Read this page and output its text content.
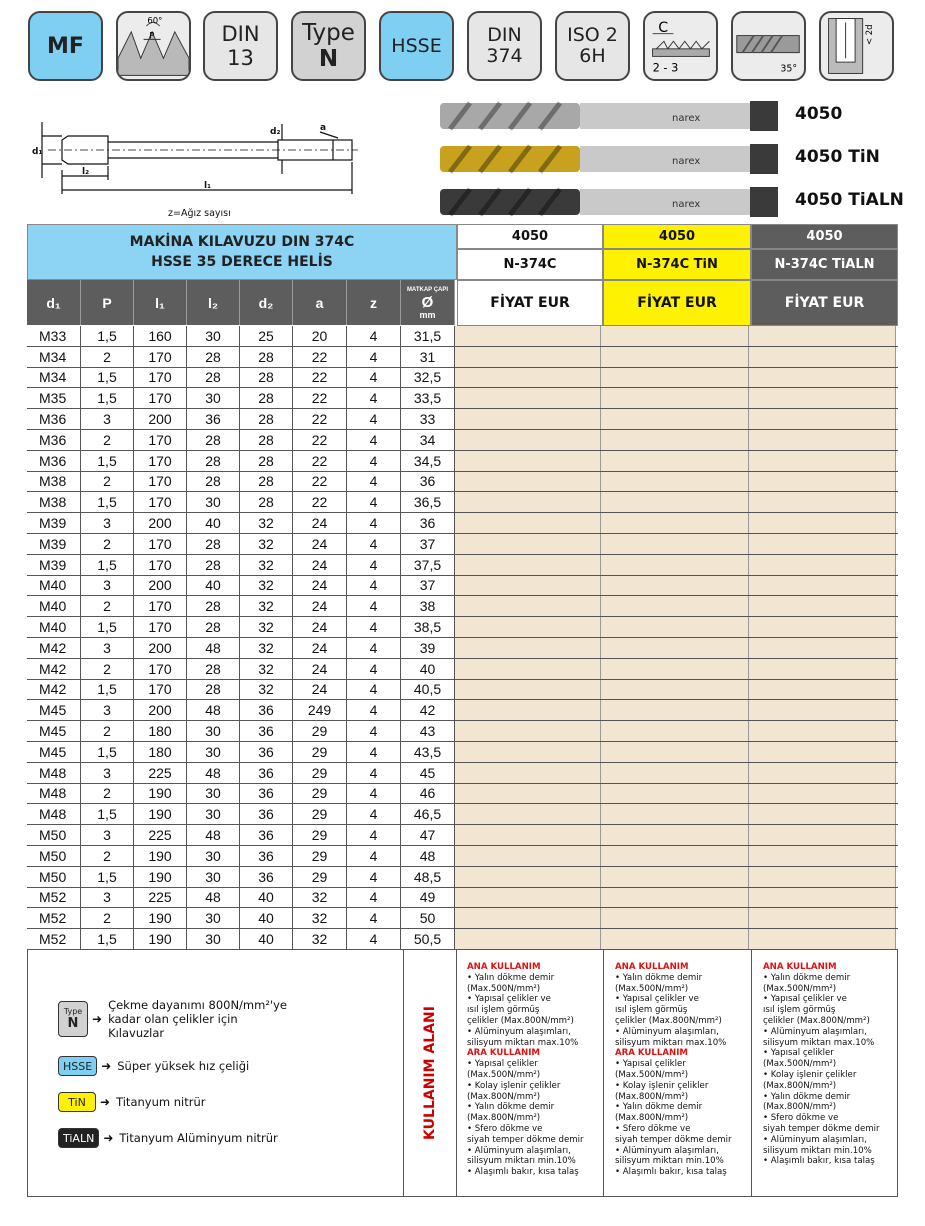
MF
60°
P	DIN 13
Type
N
HSSE DIN
374
ISO 2
6H
C
2 - 3	35°
< 2d
d₁
d₂
l₂
l₁
a
z=Ağız sayısı
narex
narex
narex
4050
4050 TiN
4050 TiALN
MAKİNA KILAVUZU DIN 374C
HSSE 35 DERECE HELİS
4050
N-374C
FİYAT EUR
4050
N-374C TiN
FİYAT EUR
4050
N-374C TiALN
FİYAT EUR
d₁	P	l₁	l₂	d₂	a	z
MATKAP ÇAPI
Ø
mm
M33	1,5	160	30	25	20	4	31,5
M34	2	170	28	28	22	4	31
M34	1,5	170	28	28	22	4	32,5
M35	1,5	170	30	28	22	4	33,5
M36	3	200	36	28	22	4	33
M36	2	170	28	28	22	4	34
M36	1,5	170	28	28	22	4	34,5
M38	2	170	28	28	22	4	36
M38	1,5	170	30	28	22	4	36,5
M39	3	200	40	32	24	4	36
M39	2	170	28	32	24	4	37
M39	1,5	170	28	32	24	4	37,5
M40	3	200	40	32	24	4	37
M40	2	170	28	32	24	4	38
M40	1,5	170	28	32	24	4	38,5
M42	3	200	48	32	24	4	39
M42	2	170	28	32	24	4	40
M42	1,5	170	28	32	24	4	40,5
M45	3	200	48	36	249	4	42
M45	2	180	30	36	29	4	43
M45	1,5	180	30	36	29	4	43,5
M48	3	225	48	36	29	4	45
M48	2	190	30	36	29	4	46
M48	1,5	190	30	36	29	4	46,5
M50	3	225	48	36	29	4	47
M50	2	190	30	36	29	4	48
M50	1,5	190	30	36	29	4	48,5
M52	3	225	48	40	32	4	49
M52	2	190	30	40	32	4	50
M52	1,5	190	30	40	32	4	50,5
Type
N ➜
Çekme dayanımı 800N/mm²'ye
kadar olan çelikler için
Kılavuzlar
HSSE ➜ Süper yüksek hız çeliği
TiN ➜ Titanyum nitrür
TiALN ➜ Titanyum Alüminyum nitrür	KULLANIM ALANI
ANA KULLANIM
• Yalın dökme demir
(Max.500N/mm²)
• Yapısal çelikler ve
ısıl işlem görmüş
çelikler (Max.800N/mm²)
• Alüminyum alaşımları,
silisyum miktarı max.10%
ARA KULLANIM
• Yapısal çelikler
(Max.500N/mm²)
• Kolay işlenir çelikler
(Max.800N/mm²)
• Yalın dökme demir
(Max.800N/mm²)
• Sfero dökme ve
siyah temper dökme demir
• Alüminyum alaşımları,
silisyum miktarı min.10%
• Alaşımlı bakır, kısa talaş
ANA KULLANIM
• Yalın dökme demir
(Max.500N/mm²)
• Yapısal çelikler ve
ısıl işlem görmüş
çelikler (Max.800N/mm²)
• Alüminyum alaşımları,
silisyum miktarı max.10%
ARA KULLANIM
• Yapısal çelikler
(Max.500N/mm²)
• Kolay işlenir çelikler
(Max.800N/mm²)
• Yalın dökme demir
(Max.800N/mm²)
• Sfero dökme ve
siyah temper dökme demir
• Alüminyum alaşımları,
silisyum miktarı min.10%
• Alaşımlı bakır, kısa talaş
ANA KULLANIM
• Yalın dökme demir
(Max.500N/mm²)
• Yapısal çelikler ve
ısıl işlem görmüş
çelikler (Max.800N/mm²)
• Alüminyum alaşımları,
silisyum miktarı max.10%
• Yapısal çelikler
(Max.500N/mm²)
• Kolay işlenir çelikler
(Max.800N/mm²)
• Yalın dökme demir
(Max.800N/mm²)
• Sfero dökme ve
siyah temper dökme demir
• Alüminyum alaşımları,
silisyum miktarı min.10%
• Alaşımlı bakır, kısa talaş
